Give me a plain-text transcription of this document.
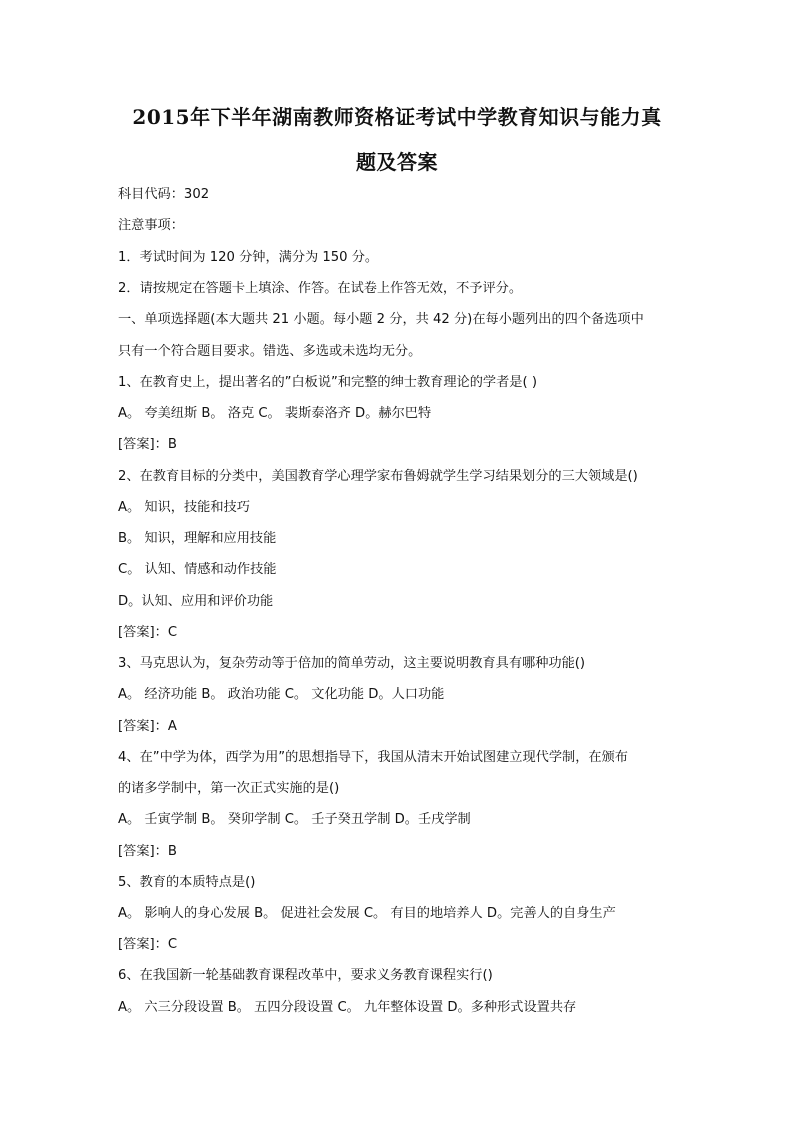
2015年下半年湖南教师资格证考试中学教育知识与能力真
题及答案
科目代码：302
注意事项：
1．考试时间为 120 分钟，满分为 150 分。
2．请按规定在答题卡上填涂、作答。在试卷上作答无效，不予评分。
一、单项选择题(本大题共 21 小题。每小题 2 分，共 42 分)在每小题列出的四个备选项中
只有一个符合题目要求。错选、多选或未选均无分。
1、在教育史上，提出著名的”白板说”和完整的绅士教育理论的学者是( )
A。 夸美纽斯 B。 洛克 C。 裴斯泰洛齐 D。赫尔巴特
[答案]：B
2、在教育目标的分类中，美国教育学心理学家布鲁姆就学生学习结果划分的三大领域是()
A。 知识，技能和技巧
B。 知识，理解和应用技能
C。 认知、情感和动作技能
D。认知、应用和评价功能
[答案]：C
3、马克思认为，复杂劳动等于倍加的简单劳动，这主要说明教育具有哪种功能()
A。 经济功能 B。 政治功能 C。 文化功能 D。人口功能
[答案]：A
4、在”中学为体，西学为用”的思想指导下，我国从清末开始试图建立现代学制，在颁布
的诸多学制中，第一次正式实施的是()
A。 壬寅学制 B。 癸卯学制 C。 壬子癸丑学制 D。壬戌学制
[答案]：B
5、教育的本质特点是()
A。 影响人的身心发展 B。 促进社会发展 C。 有目的地培养人 D。完善人的自身生产
[答案]：C
6、在我国新一轮基础教育课程改革中，要求义务教育课程实行()
A。 六三分段设置 B。 五四分段设置 C。 九年整体设置 D。多种形式设置共存
